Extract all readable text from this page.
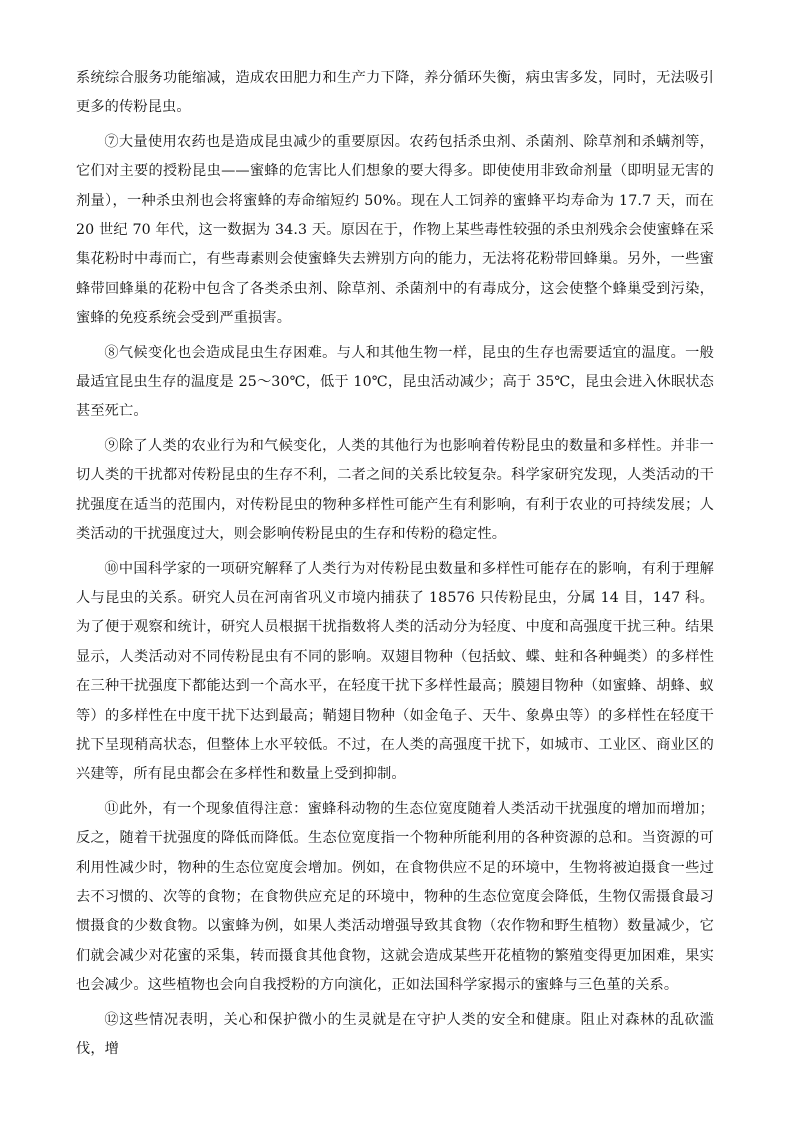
系统综合服务功能缩减，造成农田肥力和生产力下降，养分循环失衡，病虫害多发，同时，无法吸引更多的传粉昆虫。

⑦大量使用农药也是造成昆虫减少的重要原因。农药包括杀虫剂、杀菌剂、除草剂和杀螨剂等，它们对主要的授粉昆虫——蜜蜂的危害比人们想象的要大得多。即使使用非致命剂量（即明显无害的剂量），一种杀虫剂也会将蜜蜂的寿命缩短约 50%。现在人工饲养的蜜蜂平均寿命为 17.7 天，而在 20 世纪 70 年代，这一数据为 34.3 天。原因在于，作物上某些毒性较强的杀虫剂残余会使蜜蜂在采集花粉时中毒而亡，有些毒素则会使蜜蜂失去辨别方向的能力，无法将花粉带回蜂巢。另外，一些蜜蜂带回蜂巢的花粉中包含了各类杀虫剂、除草剂、杀菌剂中的有毒成分，这会使整个蜂巢受到污染，蜜蜂的免疫系统会受到严重损害。

⑧气候变化也会造成昆虫生存困难。与人和其他生物一样，昆虫的生存也需要适宜的温度。一般最适宜昆虫生存的温度是 25～30℃，低于 10℃，昆虫活动减少；高于 35℃，昆虫会进入休眠状态甚至死亡。

⑨除了人类的农业行为和气候变化，人类的其他行为也影响着传粉昆虫的数量和多样性。并非一切人类的干扰都对传粉昆虫的生存不利，二者之间的关系比较复杂。科学家研究发现，人类活动的干扰强度在适当的范围内，对传粉昆虫的物种多样性可能产生有利影响，有利于农业的可持续发展；人类活动的干扰强度过大，则会影响传粉昆虫的生存和传粉的稳定性。

⑩中国科学家的一项研究解释了人类行为对传粉昆虫数量和多样性可能存在的影响，有利于理解人与昆虫的关系。研究人员在河南省巩义市境内捕获了 18576 只传粉昆虫，分属 14 目，147 科。为了便于观察和统计，研究人员根据干扰指数将人类的活动分为轻度、中度和高强度干扰三种。结果显示，人类活动对不同传粉昆虫有不同的影响。双翅目物种（包括蚊、蝶、蛀和各种蝇类）的多样性在三种干扰强度下都能达到一个高水平，在轻度干扰下多样性最高；膜翅目物种（如蜜蜂、胡蜂、蚁等）的多样性在中度干扰下达到最高；鞘翅目物种（如金龟子、天牛、象鼻虫等）的多样性在轻度干扰下呈现稍高状态，但整体上水平较低。不过，在人类的高强度干扰下，如城市、工业区、商业区的兴建等，所有昆虫都会在多样性和数量上受到抑制。

⑪此外，有一个现象值得注意：蜜蜂科动物的生态位宽度随着人类活动干扰强度的增加而增加；反之，随着干扰强度的降低而降低。生态位宽度指一个物种所能利用的各种资源的总和。当资源的可利用性减少时，物种的生态位宽度会增加。例如，在食物供应不足的环境中，生物将被迫摄食一些过去不习惯的、次等的食物；在食物供应充足的环境中，物种的生态位宽度会降低，生物仅需摄食最习惯摄食的少数食物。以蜜蜂为例，如果人类活动增强导致其食物（农作物和野生植物）数量减少，它们就会减少对花蜜的采集，转而摄食其他食物，这就会造成某些开花植物的繁殖变得更加困难，果实也会减少。这些植物也会向自我授粉的方向演化，正如法国科学家揭示的蜜蜂与三色堇的关系。

⑫这些情况表明，关心和保护微小的生灵就是在守护人类的安全和健康。阻止对森林的乱砍滥伐，增
